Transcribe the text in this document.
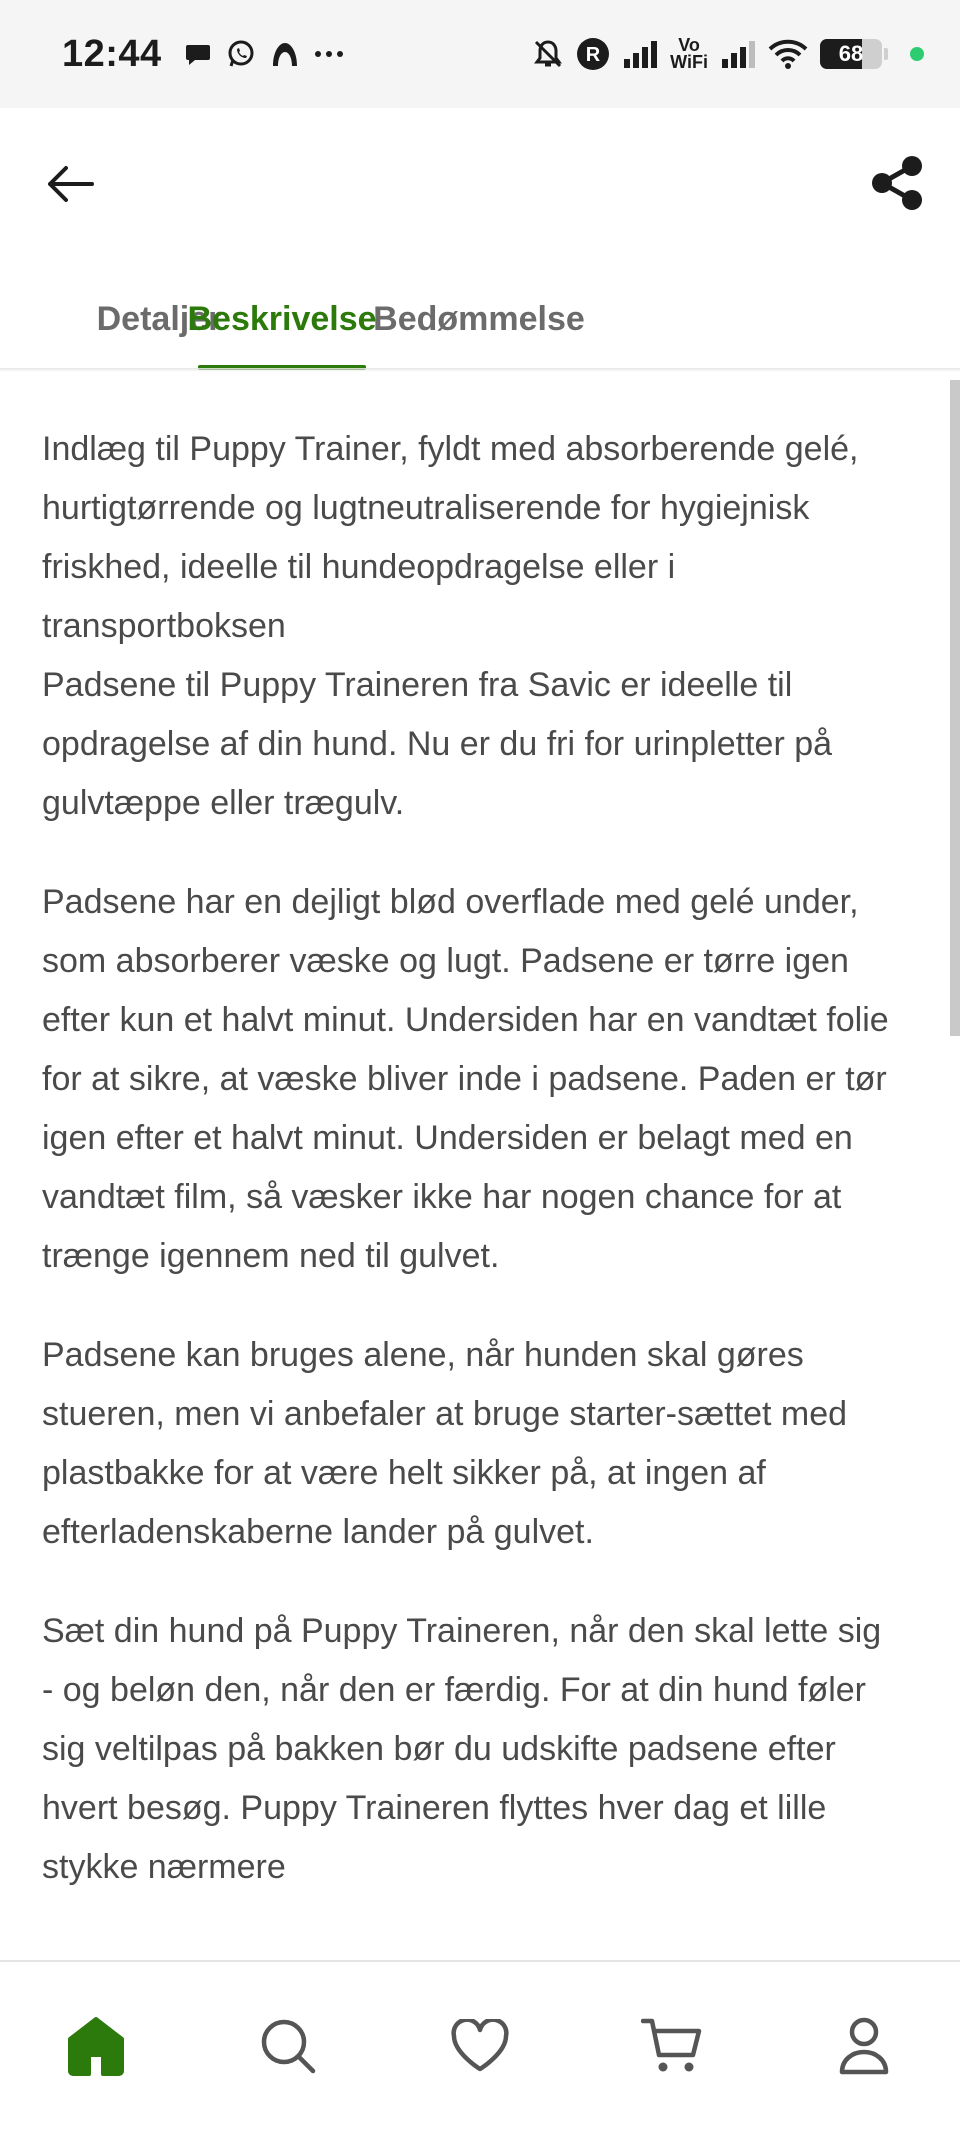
12:44	R	Vo
WiFi	68
Detaljer
Beskrivelse
Bedømmelse

Indlæg til Puppy Trainer, fyldt med absorberende gelé, hurtigtørrende og lugtneutraliserende for hygiejnisk friskhed, ideelle til hundeopdragelse eller i transportboksen
Padsene til Puppy Traineren fra Savic er ideelle til opdragelse af din hund. Nu er du fri for urinpletter på gulvtæppe eller trægulv.

Padsene har en dejligt blød overflade med gelé under, som absorberer væske og lugt. Padsene er tørre igen efter kun et halvt minut. Undersiden har en vandtæt folie for at sikre, at væske bliver inde i padsene. Paden er tør igen efter et halvt minut. Undersiden er belagt med en vandtæt film, så væsker ikke har nogen chance for at trænge igennem ned til gulvet.

Padsene kan bruges alene, når hunden skal gøres stueren, men vi anbefaler at bruge starter-sættet med plastbakke for at være helt sikker på, at ingen af efterladenskaberne lander på gulvet.

Sæt din hund på Puppy Traineren, når den skal lette sig - og beløn den, når den er færdig. For at din hund føler sig veltilpas på bakken bør du udskifte padsene efter hvert besøg. Puppy Traineren flyttes hver dag et lille stykke nærmere
